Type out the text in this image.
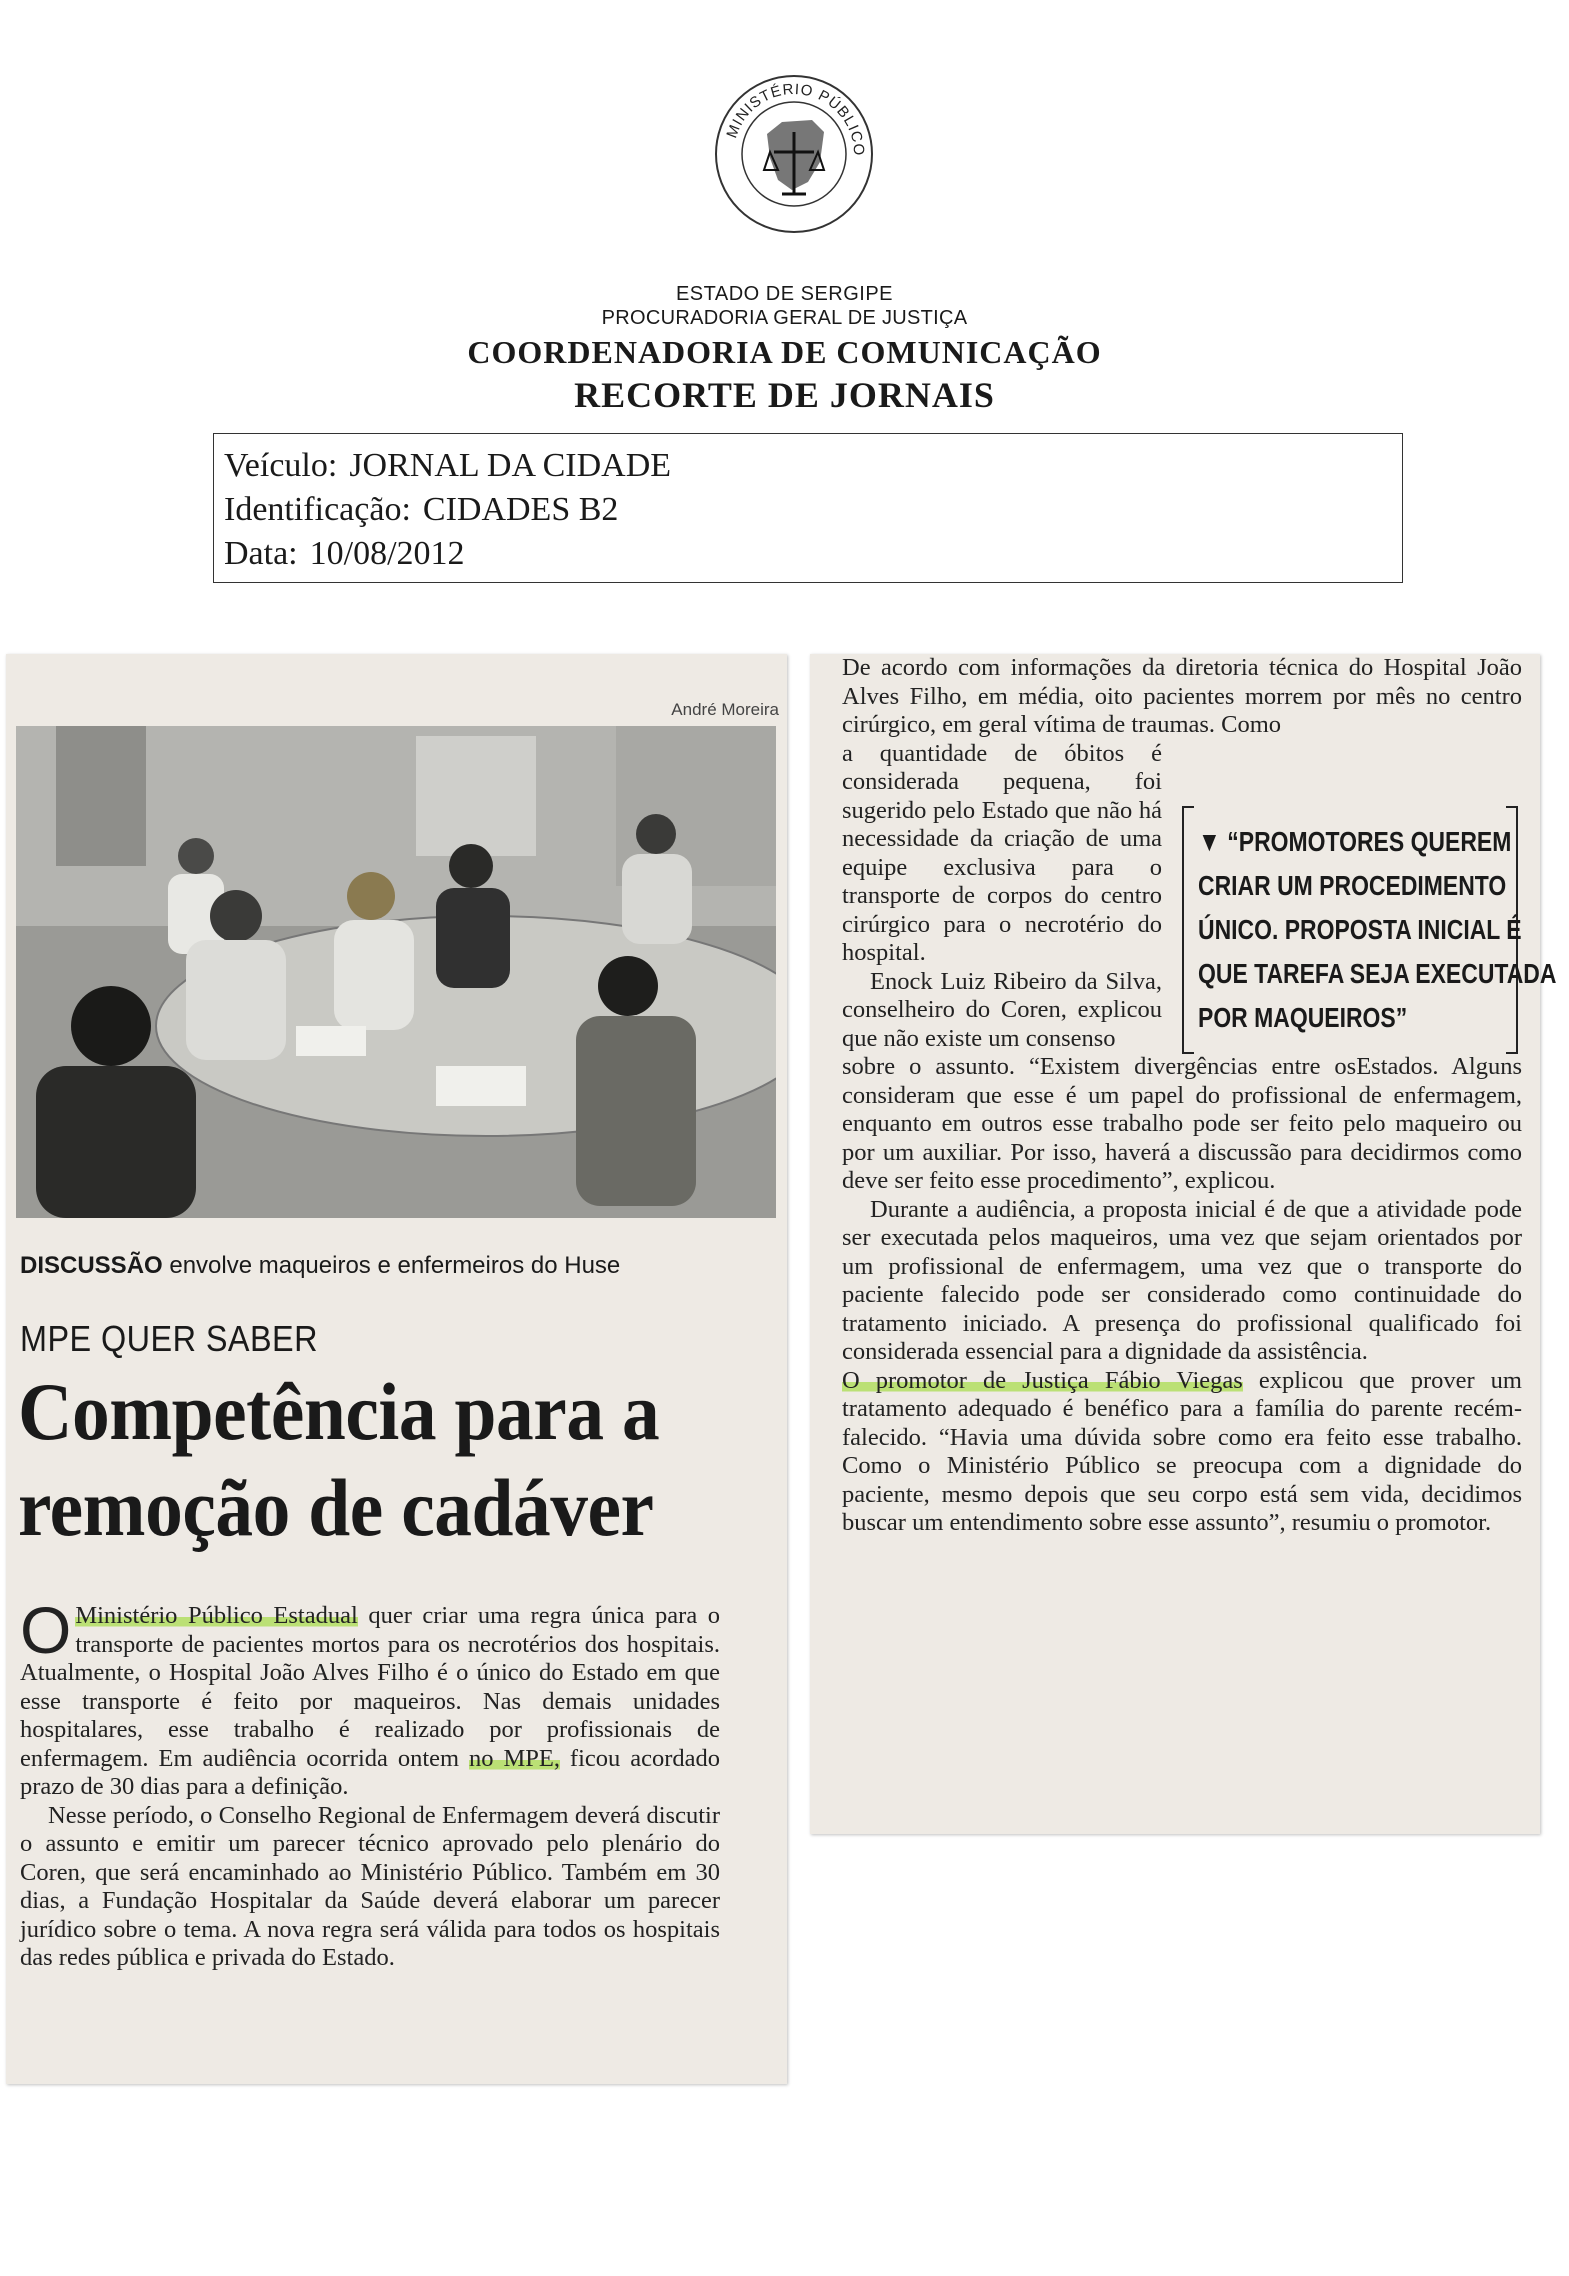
MINISTÉRIO PÚBLICO
ESTADO DE SERGIPE
PROCURADORIA GERAL DE JUSTIÇA
COORDENADORIA DE COMUNICAÇÃO
RECORTE DE JORNAIS
Veículo: JORNAL DA CIDADE
Identificação: CIDADES B2
Data: 10/08/2012
André Moreira
DISCUSSÃO envolve maqueiros e enfermeiros do Huse
MPE QUER SABER
Competência para a
remoção de cadáver

O Ministério Público Estadual quer criar uma regra única para o transporte de pacientes mortos para os necrotérios dos hospitais. Atualmente, o Hospital João Alves Filho é o único do Estado em que esse transporte é feito por maqueiros. Nas demais unidades hospitalares, esse trabalho é realizado por profissionais de enfermagem. Em audiência ocorrida ontem no MPE, ficou acordado prazo de 30 dias para a definição.

Nesse período, o Conselho Regional de Enfermagem deverá discutir o assunto e emitir um parecer técnico aprovado pelo plenário do Coren, que será encaminhado ao Ministério Público. Também em 30 dias, a Fundação Hospitalar da Saúde deverá elaborar um parecer jurídico sobre o tema. A nova regra será válida para todos os hospitais das redes pública e privada do Estado.

De acordo com informações da diretoria técnica do Hospital João Alves Filho, em média, oito pacientes morrem por mês no centro cirúrgico, em geral vítima de traumas. Como

a quantidade de óbitos é considerada pequena, foi sugerido pelo Estado que não há necessidade da criação de uma equipe exclusiva para o transporte de corpos do centro cirúrgico para o necrotério do hospital.

Enock Luiz Ribeiro da Silva, conselheiro do Coren, explicou que não existe um consenso

sobre o assunto. “Existem divergências entre osEstados. Alguns consideram que esse é um papel do profissional de enfermagem, enquanto em outros esse trabalho pode ser feito pelo maqueiro ou por um auxiliar. Por isso, haverá a discussão para decidirmos como deve ser feito esse procedimento”, explicou.

Durante a audiência, a proposta inicial é de que a atividade pode ser executada pelos maqueiros, uma vez que sejam orientados por um profissional de enfermagem, uma vez que o transporte do paciente falecido pode ser considerado como continuidade do tratamento iniciado. A presença do profissional qualificado foi considerada essencial para a dignidade da assistência.

O promotor de Justiça Fábio Viegas explicou que prover um tratamento adequado é benéfico para a família do parente recém-falecido. “Havia uma dúvida sobre como era feito esse trabalho. Como o Ministério Público se preocupa com a dignidade do paciente, mesmo depois que seu corpo está sem vida, decidimos buscar um entendimento sobre esse assunto”, resumiu o promotor.

▼ “PROMOTORES QUEREM
CRIAR UM PROCEDIMENTO
ÚNICO. PROPOSTA INICIAL É
QUE TAREFA SEJA EXECUTADA
POR MAQUEIROS”
